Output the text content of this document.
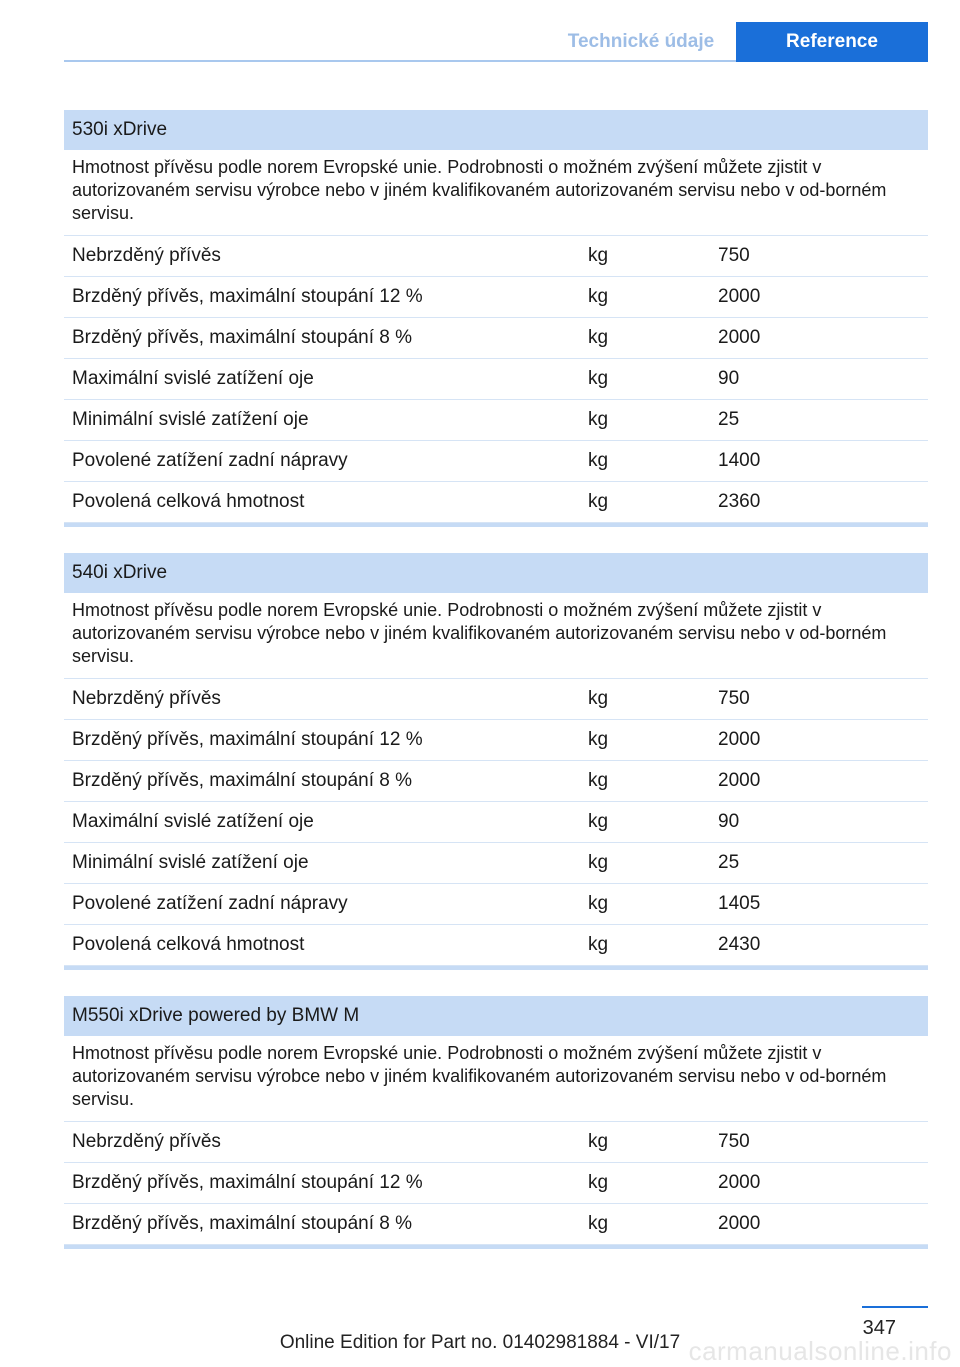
Technické údaje	Reference
530i xDrive
Hmotnost přívěsu podle norem Evropské unie. Podrobnosti o možném zvýšení můžete zjistit v autorizovaném servisu výrobce nebo v jiném kvalifikovaném autorizovaném servisu nebo v od-borném servisu.
Nebrzděný přívěs	kg	750
Brzděný přívěs, maximální stoupání 12 %	kg	2000
Brzděný přívěs, maximální stoupání 8 %	kg	2000
Maximální svislé zatížení oje	kg	90
Minimální svislé zatížení oje	kg	25
Povolené zatížení zadní nápravy	kg	1400
Povolená celková hmotnost	kg	2360
540i xDrive
Hmotnost přívěsu podle norem Evropské unie. Podrobnosti o možném zvýšení můžete zjistit v autorizovaném servisu výrobce nebo v jiném kvalifikovaném autorizovaném servisu nebo v od-borném servisu.
Nebrzděný přívěs	kg	750
Brzděný přívěs, maximální stoupání 12 %	kg	2000
Brzděný přívěs, maximální stoupání 8 %	kg	2000
Maximální svislé zatížení oje	kg	90
Minimální svislé zatížení oje	kg	25
Povolené zatížení zadní nápravy	kg	1405
Povolená celková hmotnost	kg	2430
M550i xDrive powered by BMW M
Hmotnost přívěsu podle norem Evropské unie. Podrobnosti o možném zvýšení můžete zjistit v autorizovaném servisu výrobce nebo v jiném kvalifikovaném autorizovaném servisu nebo v od-borném servisu.
Nebrzděný přívěs	kg	750
Brzděný přívěs, maximální stoupání 12 %	kg	2000
Brzděný přívěs, maximální stoupání 8 %	kg	2000
347
Online Edition for Part no. 01402981884 - VI/17 carmanualsonline.info
